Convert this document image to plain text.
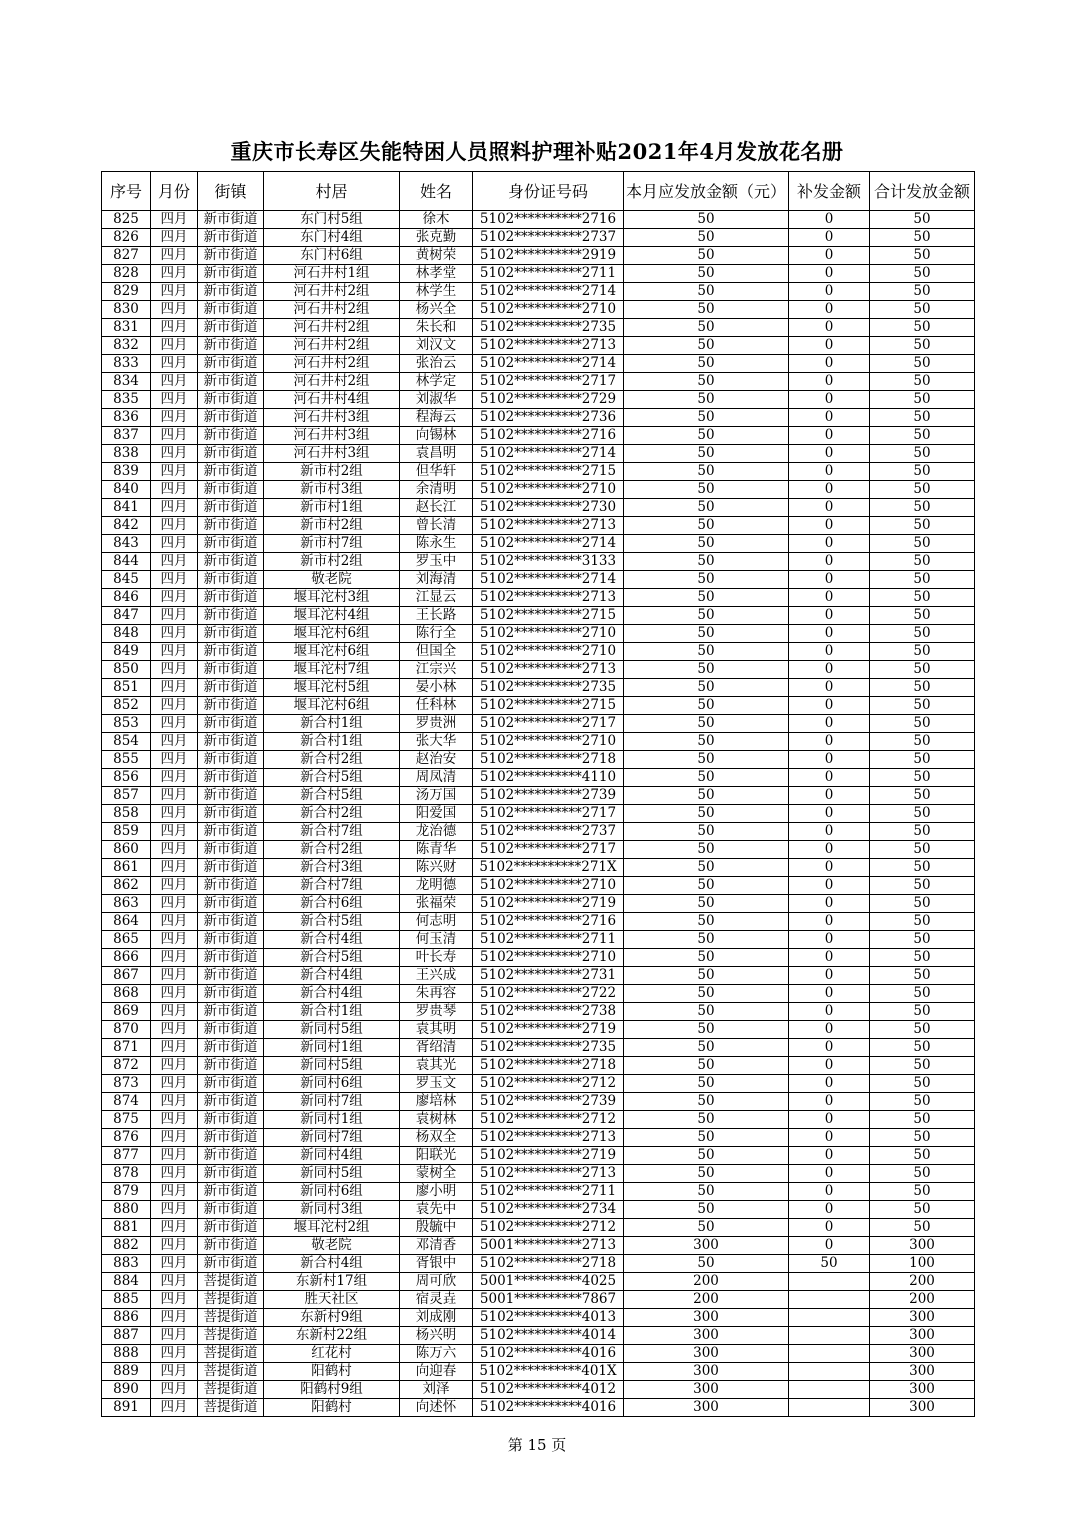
重庆市长寿区失能特困人员照料护理补贴2021年4月发放花名册
序号	月份	街镇	村居	姓名	身份证号码	本月应发放金额（元）	补发金额	合计发放金额
825	四月	新市街道	东门村5组	徐木	5102**********2716	50	0	50
826	四月	新市街道	东门村4组	张克勤	5102**********2737	50	0	50
827	四月	新市街道	东门村6组	黄树荣	5102**********2919	50	0	50
828	四月	新市街道	河石井村1组	林孝堂	5102**********2711	50	0	50
829	四月	新市街道	河石井村2组	林学生	5102**********2714	50	0	50
830	四月	新市街道	河石井村2组	杨兴全	5102**********2710	50	0	50
831	四月	新市街道	河石井村2组	朱长和	5102**********2735	50	0	50
832	四月	新市街道	河石井村2组	刘汉文	5102**********2713	50	0	50
833	四月	新市街道	河石井村2组	张治云	5102**********2714	50	0	50
834	四月	新市街道	河石井村2组	林学定	5102**********2717	50	0	50
835	四月	新市街道	河石井村4组	刘淑华	5102**********2729	50	0	50
836	四月	新市街道	河石井村3组	程海云	5102**********2736	50	0	50
837	四月	新市街道	河石井村3组	向锡林	5102**********2716	50	0	50
838	四月	新市街道	河石井村3组	袁昌明	5102**********2714	50	0	50
839	四月	新市街道	新市村2组	但华轩	5102**********2715	50	0	50
840	四月	新市街道	新市村3组	余清明	5102**********2710	50	0	50
841	四月	新市街道	新市村1组	赵长江	5102**********2730	50	0	50
842	四月	新市街道	新市村2组	曾长清	5102**********2713	50	0	50
843	四月	新市街道	新市村7组	陈永生	5102**********2714	50	0	50
844	四月	新市街道	新市村2组	罗玉中	5102**********3133	50	0	50
845	四月	新市街道	敬老院	刘海清	5102**********2714	50	0	50
846	四月	新市街道	堰耳沱村3组	江显云	5102**********2713	50	0	50
847	四月	新市街道	堰耳沱村4组	王长路	5102**********2715	50	0	50
848	四月	新市街道	堰耳沱村6组	陈行全	5102**********2710	50	0	50
849	四月	新市街道	堰耳沱村6组	但国全	5102**********2710	50	0	50
850	四月	新市街道	堰耳沱村7组	江宗兴	5102**********2713	50	0	50
851	四月	新市街道	堰耳沱村5组	晏小林	5102**********2735	50	0	50
852	四月	新市街道	堰耳沱村6组	任科林	5102**********2715	50	0	50
853	四月	新市街道	新合村1组	罗贵洲	5102**********2717	50	0	50
854	四月	新市街道	新合村1组	张大华	5102**********2710	50	0	50
855	四月	新市街道	新合村2组	赵治安	5102**********2718	50	0	50
856	四月	新市街道	新合村5组	周凤清	5102**********4110	50	0	50
857	四月	新市街道	新合村5组	汤万国	5102**********2739	50	0	50
858	四月	新市街道	新合村2组	阳爱国	5102**********2717	50	0	50
859	四月	新市街道	新合村7组	龙治德	5102**********2737	50	0	50
860	四月	新市街道	新合村2组	陈青华	5102**********2717	50	0	50
861	四月	新市街道	新合村3组	陈兴财	5102**********271X	50	0	50
862	四月	新市街道	新合村7组	龙明德	5102**********2710	50	0	50
863	四月	新市街道	新合村6组	张福荣	5102**********2719	50	0	50
864	四月	新市街道	新合村5组	何志明	5102**********2716	50	0	50
865	四月	新市街道	新合村4组	何玉清	5102**********2711	50	0	50
866	四月	新市街道	新合村5组	叶长寿	5102**********2710	50	0	50
867	四月	新市街道	新合村4组	王兴成	5102**********2731	50	0	50
868	四月	新市街道	新合村4组	朱再容	5102**********2722	50	0	50
869	四月	新市街道	新合村1组	罗贵琴	5102**********2738	50	0	50
870	四月	新市街道	新同村5组	袁其明	5102**********2719	50	0	50
871	四月	新市街道	新同村1组	胥绍清	5102**********2735	50	0	50
872	四月	新市街道	新同村5组	袁其光	5102**********2718	50	0	50
873	四月	新市街道	新同村6组	罗玉文	5102**********2712	50	0	50
874	四月	新市街道	新同村7组	廖培林	5102**********2739	50	0	50
875	四月	新市街道	新同村1组	袁树林	5102**********2712	50	0	50
876	四月	新市街道	新同村7组	杨双全	5102**********2713	50	0	50
877	四月	新市街道	新同村4组	阳联光	5102**********2719	50	0	50
878	四月	新市街道	新同村5组	蒙树全	5102**********2713	50	0	50
879	四月	新市街道	新同村6组	廖小明	5102**********2711	50	0	50
880	四月	新市街道	新同村3组	袁先中	5102**********2734	50	0	50
881	四月	新市街道	堰耳沱村2组	殷毓中	5102**********2712	50	0	50
882	四月	新市街道	敬老院	邓清香	5001**********2713	300	0	300
883	四月	新市街道	新合村4组	胥银中	5102**********2718	50	50	100
884	四月	菩提街道	东新村17组	周可欣	5001**********4025	200		200
885	四月	菩提街道	胜天社区	宿灵垚	5001**********7867	200		200
886	四月	菩提街道	东新村9组	刘成刚	5102**********4013	300		300
887	四月	菩提街道	东新村22组	杨兴明	5102**********4014	300		300
888	四月	菩提街道	红花村	陈万六	5102**********4016	300		300
889	四月	菩提街道	阳鹤村	向迎春	5102**********401X	300		300
890	四月	菩提街道	阳鹤村9组	刘泽	5102**********4012	300		300
891	四月	菩提街道	阳鹤村	向述怀	5102**********4016	300		300
第 15 页
